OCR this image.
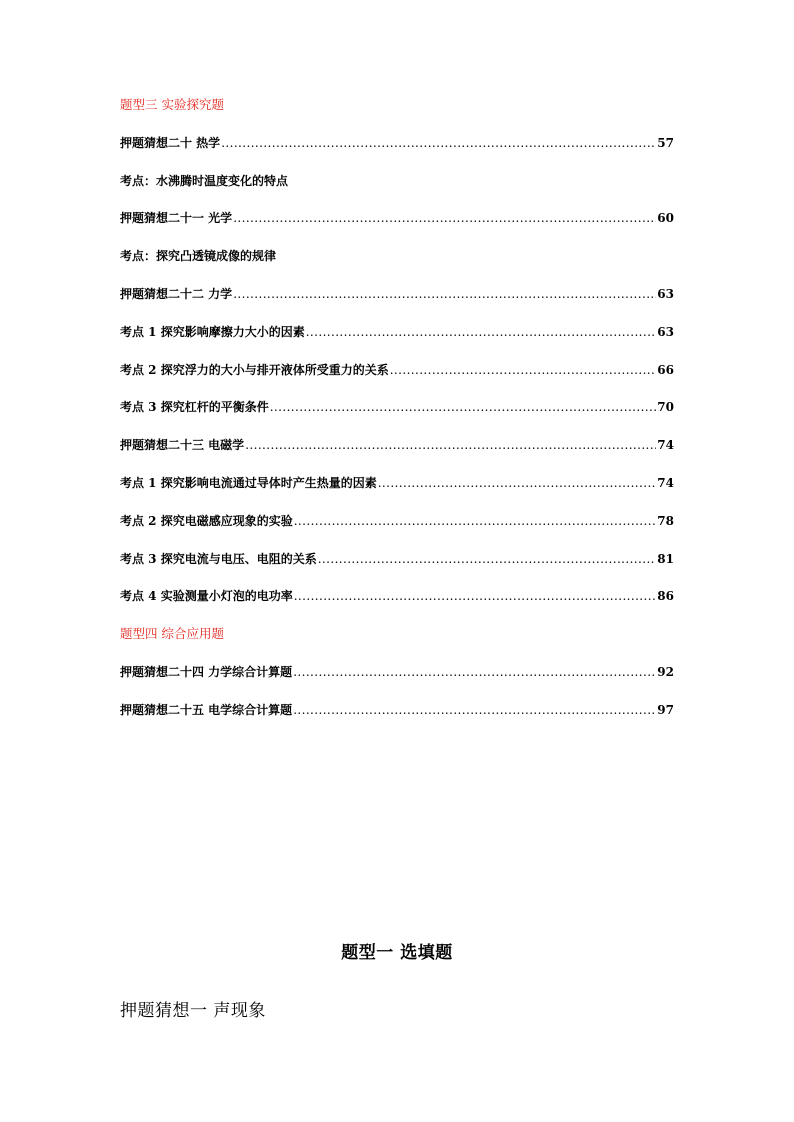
题型三 实验探究题
押题猜想二十 热学 .....	57
考点：水沸腾时温度变化的特点
押题猜想二十一 光学 .....	60
考点：探究凸透镜成像的规律
押题猜想二十二 力学 .....	63
考点 1 探究影响摩擦力大小的因素 .....	63
考点 2 探究浮力的大小与排开液体所受重力的关系 .....	66
考点 3 探究杠杆的平衡条件 .....	70
押题猜想二十三 电磁学 .....	74
考点 1 探究影响电流通过导体时产生热量的因素 .....	74
考点 2 探究电磁感应现象的实验 .....	78
考点 3 探究电流与电压、电阻的关系 .....	81
考点 4 实验测量小灯泡的电功率 .....	86
题型四 综合应用题
押题猜想二十四 力学综合计算题 .....	92
押题猜想二十五 电学综合计算题 .....	97
题型一 选填题
押题猜想一 声现象
